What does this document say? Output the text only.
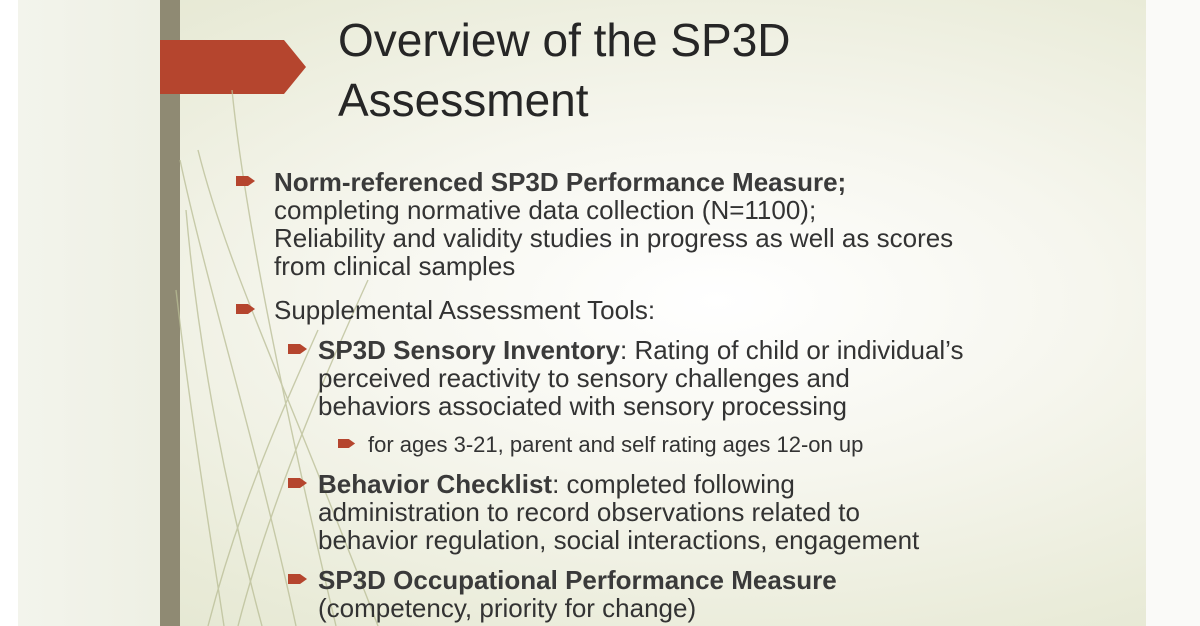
Overview of the SP3D
Assessment
Norm-referenced SP3D Performance Measure;
completing normative data collection (N=1100);
Reliability and validity studies in progress as well as scores
from clinical samples
Supplemental Assessment Tools:
SP3D Sensory Inventory: Rating of child or individual’s
perceived reactivity to sensory challenges and
behaviors associated with sensory processing
for ages 3-21, parent and self rating ages 12-on up
Behavior Checklist: completed following
administration to record observations related to
behavior regulation, social interactions, engagement
SP3D Occupational Performance Measure
(competency, priority for change)
